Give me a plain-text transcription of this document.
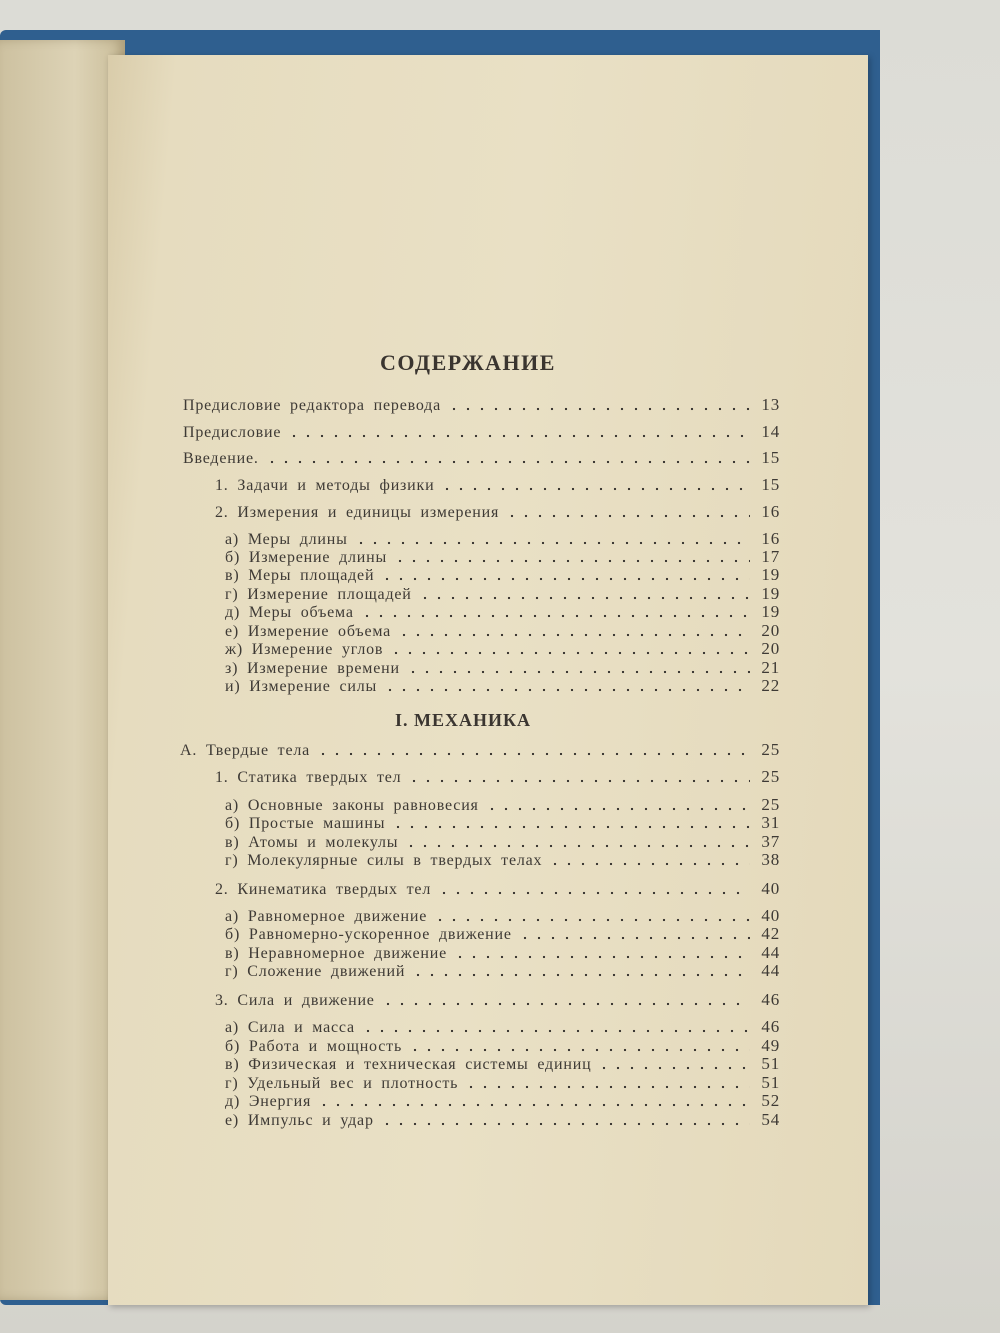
СОДЕРЖАНИЕ
Предисловие редактора перевода	13
Предисловие	14
Введение.	15
1. Задачи и методы физики	15
2. Измерения и единицы измерения	16
а) Меры длины	16
б) Измерение длины	17
в) Меры площадей	19
г) Измерение площадей	19
д) Меры объема	19
е) Измерение объема	20
ж) Измерение углов	20
з) Измерение времени	21
и) Измерение силы	22
I. МЕХАНИКА
А. Твердые тела	25
1. Статика твердых тел	25
а) Основные законы равновесия	25
б) Простые машины	31
в) Атомы и молекулы	37
г) Молекулярные силы в твердых телах	38
2. Кинематика твердых тел	40
а) Равномерное движение	40
б) Равномерно-ускоренное движение	42
в) Неравномерное движение	44
г) Сложение движений	44
3. Сила и движение	46
а) Сила и масса	46
б) Работа и мощность	49
в) Физическая и техническая системы единиц	51
г) Удельный вес и плотность	51
д) Энергия	52
е) Импульс и удар	54
